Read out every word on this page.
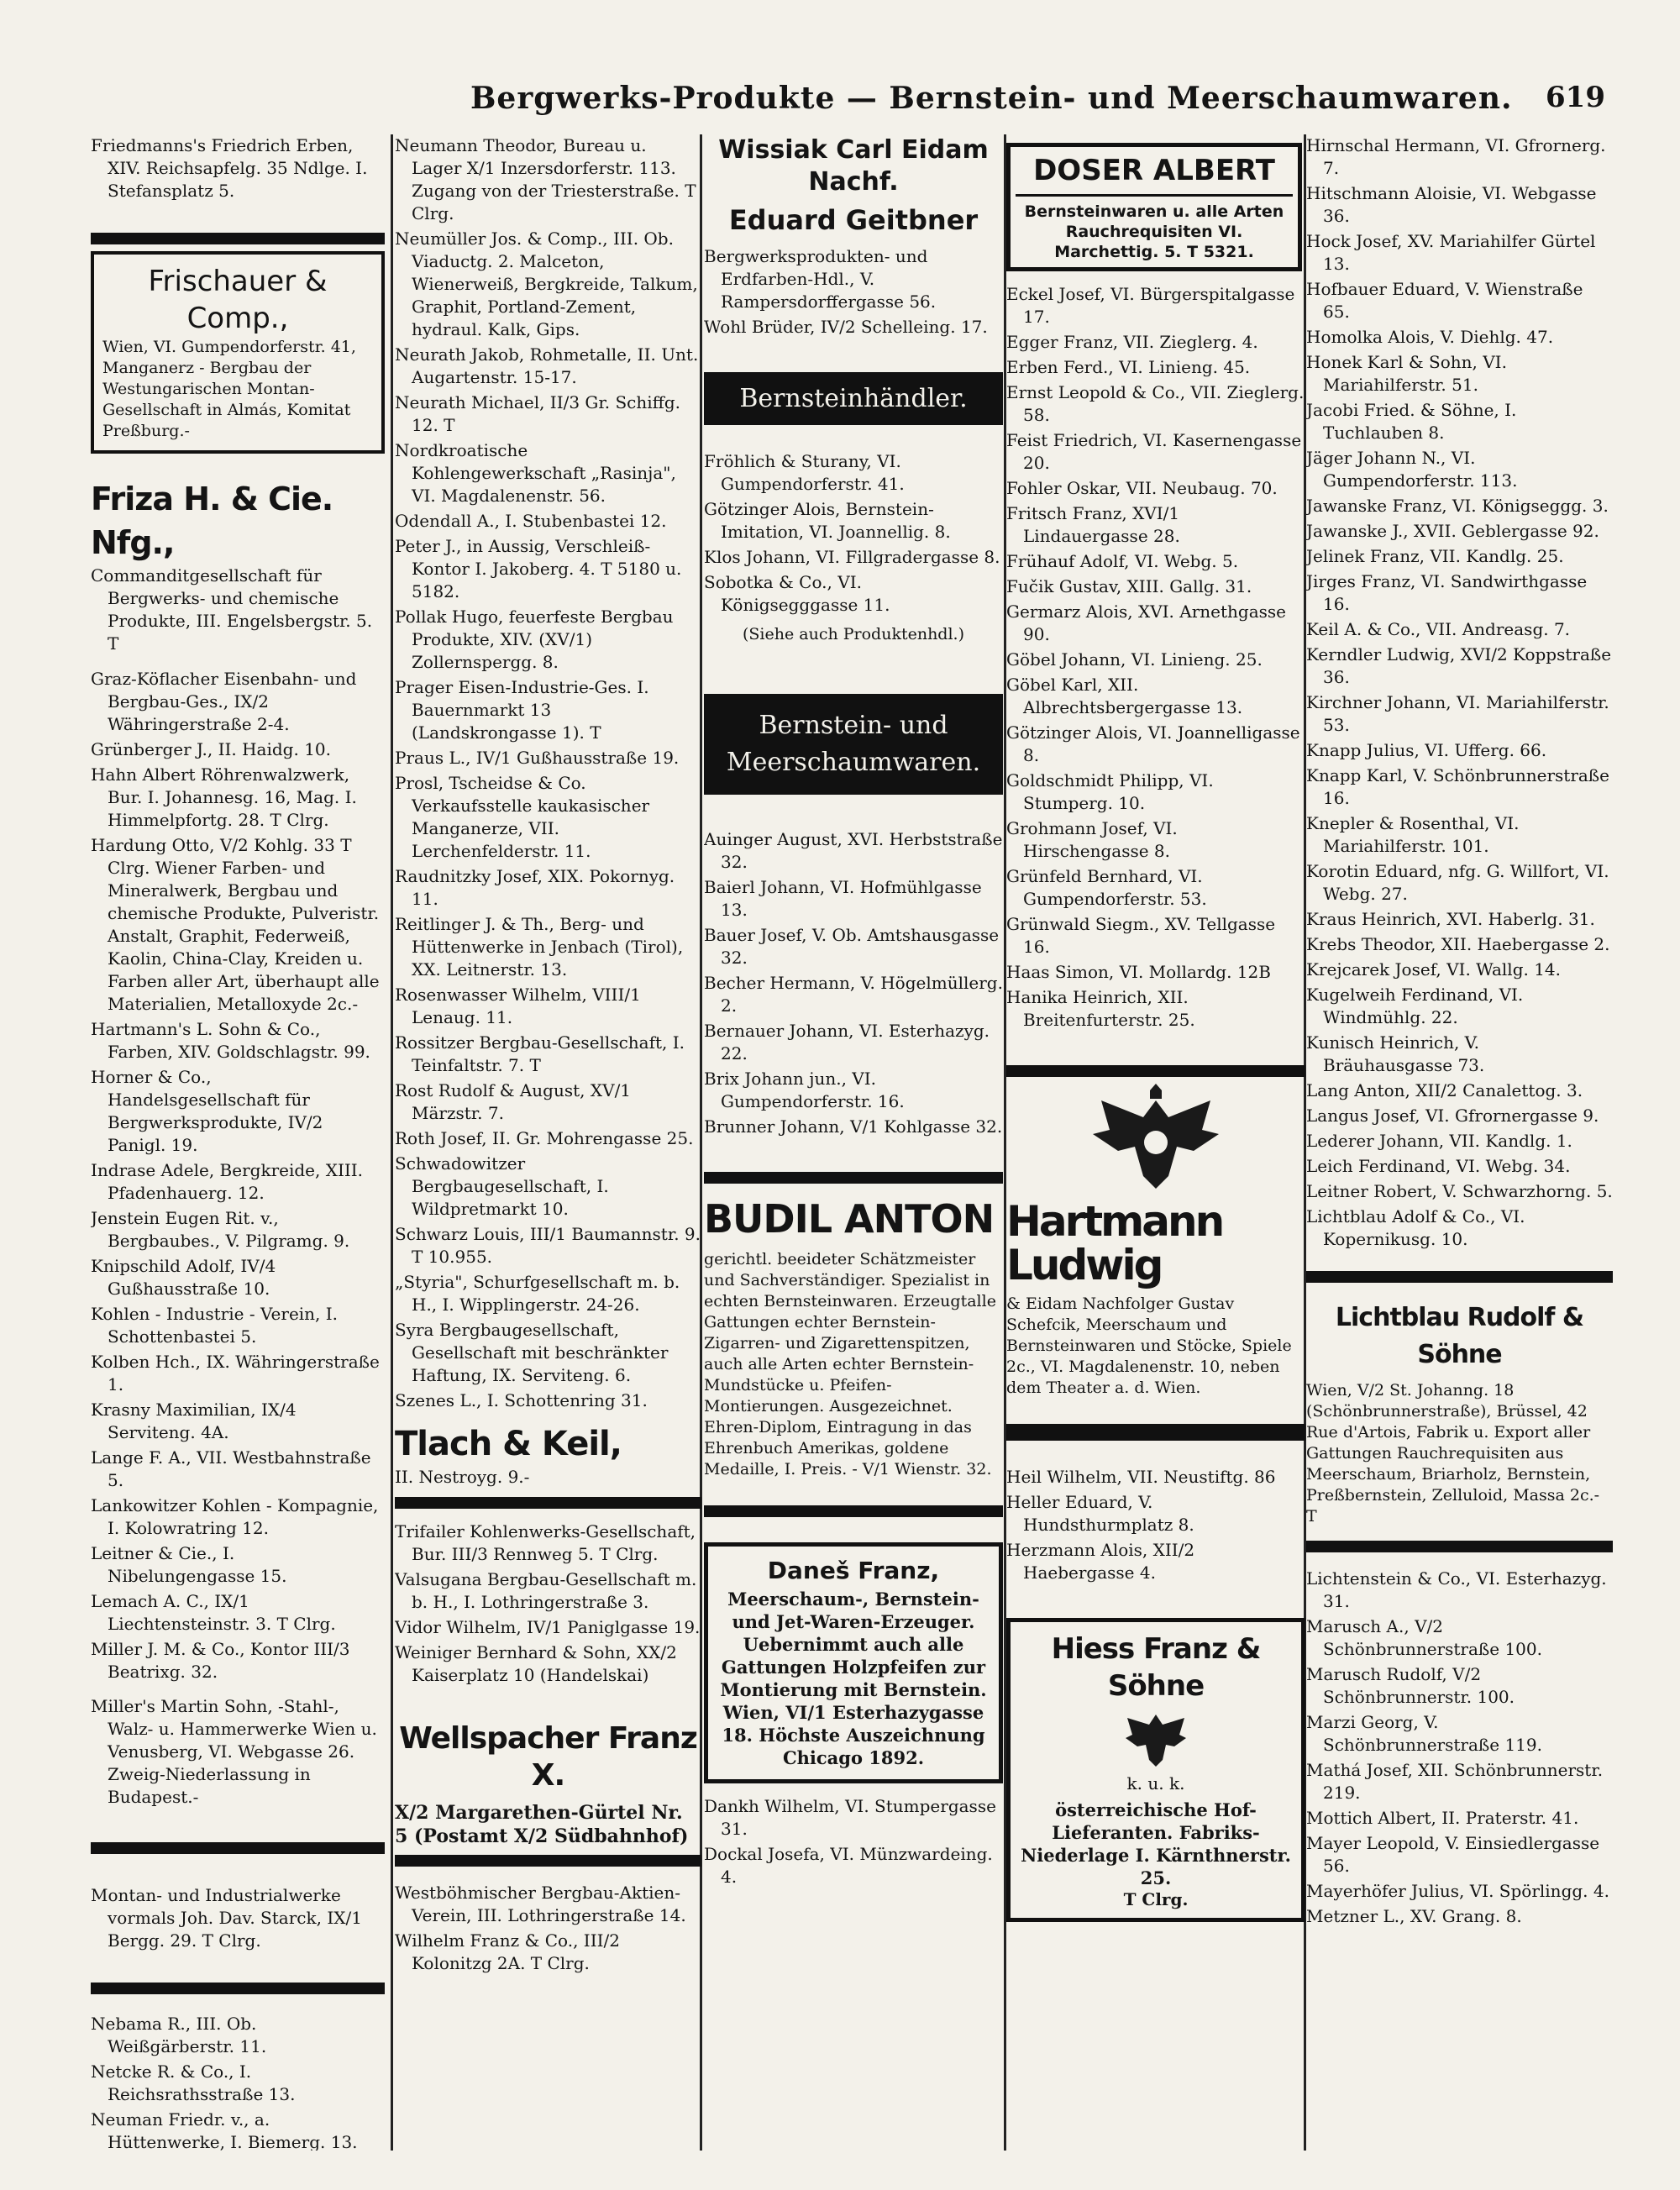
Bergwerks-Produkte — Bernstein- und Meerschaumwaren. 619
Friedmanns's Friedrich Erben, XIV. Reichsapfelg. 35 Ndlge. I. Stefansplatz 5.
Frischauer & Comp.,
Wien, VI. Gumpendorferstr. 41, Manganerz - Bergbau der Westungarischen Montan-Gesellschaft in Almás, Komitat Preßburg.-
Friza H. & Cie. Nfg.,
Commanditgesellschaft für Bergwerks- und chemische Produkte, III. Engelsbergstr. 5. T
Graz-Köflacher Eisenbahn- und Bergbau-Ges., IX/2 Währingerstraße 2-4.
Grünberger J., II. Haidg. 10.
Hahn Albert Röhrenwalzwerk, Bur. I. Johannesg. 16, Mag. I. Himmelpfortg. 28. T Clrg.
Hardung Otto, V/2 Kohlg. 33 T Clrg. Wiener Farben- und Mineralwerk, Bergbau und chemische Produkte, Pulveristr. Anstalt, Graphit, Federweiß, Kaolin, China-Clay, Kreiden u. Farben aller Art, überhaupt alle Materialien, Metalloxyde 2c.-
Hartmann's L. Sohn & Co., Farben, XIV. Goldschlagstr. 99.
Horner & Co., Handelsgesellschaft für Bergwerksprodukte, IV/2 Panigl. 19.
Indrase Adele, Bergkreide, XIII. Pfadenhauerg. 12.
Jenstein Eugen Rit. v., Bergbaubes., V. Pilgramg. 9.
Knipschild Adolf, IV/4 Gußhausstraße 10.
Kohlen - Industrie - Verein, I. Schottenbastei 5.
Kolben Hch., IX. Währingerstraße 1.
Krasny Maximilian, IX/4 Serviteng. 4A.
Lange F. A., VII. Westbahnstraße 5.
Lankowitzer Kohlen - Kompagnie, I. Kolowratring 12.
Leitner & Cie., I. Nibelungengasse 15.
Lemach A. C., IX/1 Liechtensteinstr. 3. T Clrg.
Miller J. M. & Co., Kontor III/3 Beatrixg. 32.
Miller's Martin Sohn, -Stahl-, Walz- u. Hammerwerke Wien u. Venusberg, VI. Webgasse 26. Zweig-Niederlassung in Budapest.-
Montan- und Industrialwerke vormals Joh. Dav. Starck, IX/1 Bergg. 29. T Clrg.
Nebama R., III. Ob. Weißgärberstr. 11.
Netcke R. & Co., I. Reichsrathsstraße 13.
Neuman Friedr. v., a. Hüttenwerke, I. Biemerg. 13.
Neumann Theodor, Bureau u. Lager X/1 Inzersdorferstr. 113. Zugang von der Triesterstraße. T Clrg.
Neumüller Jos. & Comp., III. Ob. Viaductg. 2. Malceton, Wienerweiß, Bergkreide, Talkum, Graphit, Portland-Zement, hydraul. Kalk, Gips.
Neurath Jakob, Rohmetalle, II. Unt. Augartenstr. 15-17.
Neurath Michael, II/3 Gr. Schiffg. 12. T
Nordkroatische Kohlengewerkschaft „Rasinja", VI. Magdalenenstr. 56.
Odendall A., I. Stubenbastei 12.
Peter J., in Aussig, Verschleiß-Kontor I. Jakoberg. 4. T 5180 u. 5182.
Pollak Hugo, feuerfeste Bergbau Produkte, XIV. (XV/1) Zollernspergg. 8.
Prager Eisen-Industrie-Ges. I. Bauernmarkt 13 (Landskrongasse 1). T
Praus L., IV/1 Gußhausstraße 19.
Prosl, Tscheidse & Co. Verkaufsstelle kaukasischer Manganerze, VII. Lerchenfelderstr. 11.
Raudnitzky Josef, XIX. Pokornyg. 11.
Reitlinger J. & Th., Berg- und Hüttenwerke in Jenbach (Tirol), XX. Leitnerstr. 13.
Rosenwasser Wilhelm, VIII/1 Lenaug. 11.
Rossitzer Bergbau-Gesellschaft, I. Teinfaltstr. 7. T
Rost Rudolf & August, XV/1 Märzstr. 7.
Roth Josef, II. Gr. Mohrengasse 25.
Schwadowitzer Bergbaugesellschaft, I. Wildpretmarkt 10.
Schwarz Louis, III/1 Baumannstr. 9. T 10.955.
„Styria", Schurfgesellschaft m. b. H., I. Wipplingerstr. 24-26.
Syra Bergbaugesellschaft, Gesellschaft mit beschränkter Haftung, IX. Serviteng. 6.
Szenes L., I. Schottenring 31.
Tlach & Keil,
II. Nestroyg. 9.-
Trifailer Kohlenwerks-Gesellschaft, Bur. III/3 Rennweg 5. T Clrg.
Valsugana Bergbau-Gesellschaft m. b. H., I. Lothringerstraße 3.
Vidor Wilhelm, IV/1 Paniglgasse 19.
Weiniger Bernhard & Sohn, XX/2 Kaiserplatz 10 (Handelskai)
Wellspacher Franz X.
X/2 Margarethen-Gürtel Nr. 5 (Postamt X/2 Südbahnhof)
Westböhmischer Bergbau-Aktien-Verein, III. Lothringerstraße 14.
Wilhelm Franz & Co., III/2 Kolonitzg 2A. T Clrg.
Wissiak Carl Eidam Nachf.
Eduard Geitbner
Bergwerksprodukten- und Erdfarben-Hdl., V. Rampersdorffergasse 56.
Wohl Brüder, IV/2 Schelleing. 17.
Bernsteinhändler.
Fröhlich & Sturany, VI. Gumpendorferstr. 41.
Götzinger Alois, Bernstein-Imitation, VI. Joannellig. 8.
Klos Johann, VI. Fillgradergasse 8.
Sobotka & Co., VI. Königsegggasse 11.
(Siehe auch Produktenhdl.)
Bernstein- und
Meerschaumwaren.
Auinger August, XVI. Herbststraße 32.
Baierl Johann, VI. Hofmühlgasse 13.
Bauer Josef, V. Ob. Amtshausgasse 32.
Becher Hermann, V. Högelmüllerg. 2.
Bernauer Johann, VI. Esterhazyg. 22.
Brix Johann jun., VI. Gumpendorferstr. 16.
Brunner Johann, V/1 Kohlgasse 32.
BUDIL ANTON
gerichtl. beeideter Schätzmeister und Sachverständiger. Spezialist in echten Bernsteinwaren. Erzeugtalle Gattungen echter Bernstein-Zigarren- und Zigarettenspitzen, auch alle Arten echter Bernstein-Mundstücke u. Pfeifen-Montierungen. Ausgezeichnet. Ehren-Diplom, Eintragung in das Ehrenbuch Amerikas, goldene Medaille, I. Preis. - V/1 Wienstr. 32.
Daneš Franz,
Meerschaum-, Bernstein- und Jet-Waren-Erzeuger. Uebernimmt auch alle Gattungen Holzpfeifen zur Montierung mit Bernstein. Wien, VI/1 Esterhazygasse 18. Höchste Auszeichnung Chicago 1892.
Dankh Wilhelm, VI. Stumpergasse 31.
Dockal Josefa, VI. Münzwardeing. 4.
DOSER ALBERT
Bernsteinwaren u. alle Arten Rauchrequisiten VI. Marchettig. 5. T 5321.
Eckel Josef, VI. Bürgerspitalgasse 17.
Egger Franz, VII. Zieglerg. 4.
Erben Ferd., VI. Linieng. 45.
Ernst Leopold & Co., VII. Zieglerg. 58.
Feist Friedrich, VI. Kasernengasse 20.
Fohler Oskar, VII. Neubaug. 70.
Fritsch Franz, XVI/1 Lindauergasse 28.
Frühauf Adolf, VI. Webg. 5.
Fučik Gustav, XIII. Gallg. 31.
Germarz Alois, XVI. Arnethgasse 90.
Göbel Johann, VI. Linieng. 25.
Göbel Karl, XII. Albrechtsbergergasse 13.
Götzinger Alois, VI. Joannelligasse 8.
Goldschmidt Philipp, VI. Stumperg. 10.
Grohmann Josef, VI. Hirschengasse 8.
Grünfeld Bernhard, VI. Gumpendorferstr. 53.
Grünwald Siegm., XV. Tellgasse 16.
Haas Simon, VI. Mollardg. 12B
Hanika Heinrich, XII. Breitenfurterstr. 25.
Hartmann Ludwig
& Eidam Nachfolger Gustav Schefcik, Meerschaum und Bernsteinwaren und Stöcke, Spiele 2c., VI. Magdalenenstr. 10, neben dem Theater a. d. Wien.
Heil Wilhelm, VII. Neustiftg. 86
Heller Eduard, V. Hundsthurmplatz 8.
Herzmann Alois, XII/2 Haebergasse 4.
Hiess Franz & Söhne
k. u. k.
österreichische Hof-Lieferanten. Fabriks-Niederlage I. Kärnthnerstr. 25.
T Clrg.
Hirnschal Hermann, VI. Gfrornerg. 7.
Hitschmann Aloisie, VI. Webgasse 36.
Hock Josef, XV. Mariahilfer Gürtel 13.
Hofbauer Eduard, V. Wienstraße 65.
Homolka Alois, V. Diehlg. 47.
Honek Karl & Sohn, VI. Mariahilferstr. 51.
Jacobi Fried. & Söhne, I. Tuchlauben 8.
Jäger Johann N., VI. Gumpendorferstr. 113.
Jawanske Franz, VI. Königseggg. 3.
Jawanske J., XVII. Geblergasse 92.
Jelinek Franz, VII. Kandlg. 25.
Jirges Franz, VI. Sandwirthgasse 16.
Keil A. & Co., VII. Andreasg. 7.
Kerndler Ludwig, XVI/2 Koppstraße 36.
Kirchner Johann, VI. Mariahilferstr. 53.
Knapp Julius, VI. Ufferg. 66.
Knapp Karl, V. Schönbrunnerstraße 16.
Knepler & Rosenthal, VI. Mariahilferstr. 101.
Korotin Eduard, nfg. G. Willfort, VI. Webg. 27.
Kraus Heinrich, XVI. Haberlg. 31.
Krebs Theodor, XII. Haebergasse 2.
Krejcarek Josef, VI. Wallg. 14.
Kugelweih Ferdinand, VI. Windmühlg. 22.
Kunisch Heinrich, V. Bräuhausgasse 73.
Lang Anton, XII/2 Canalettog. 3.
Langus Josef, VI. Gfrornergasse 9.
Lederer Johann, VII. Kandlg. 1.
Leich Ferdinand, VI. Webg. 34.
Leitner Robert, V. Schwarzhorng. 5.
Lichtblau Adolf & Co., VI. Kopernikusg. 10.
Lichtblau Rudolf & Söhne
Wien, V/2 St. Johanng. 18 (Schönbrunnerstraße), Brüssel, 42 Rue d'Artois, Fabrik u. Export aller Gattungen Rauchrequisiten aus Meerschaum, Briarholz, Bernstein, Preßbernstein, Zelluloid, Massa 2c.- T
Lichtenstein & Co., VI. Esterhazyg. 31.
Marusch A., V/2 Schönbrunnerstraße 100.
Marusch Rudolf, V/2 Schönbrunnerstr. 100.
Marzi Georg, V. Schönbrunnerstraße 119.
Mathá Josef, XII. Schönbrunnerstr. 219.
Mottich Albert, II. Praterstr. 41.
Mayer Leopold, V. Einsiedlergasse 56.
Mayerhöfer Julius, VI. Spörlingg. 4.
Metzner L., XV. Grang. 8.
